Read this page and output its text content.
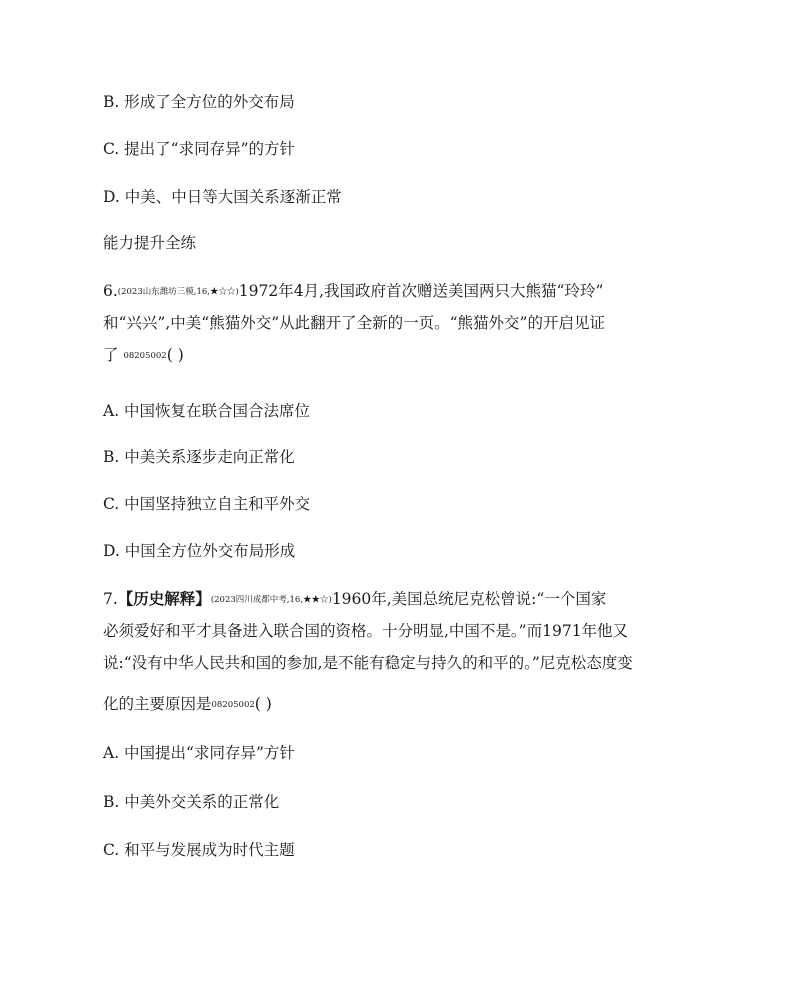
B. 形成了全方位的外交布局
C. 提出了“求同存异”的方针
D. 中美、中日等大国关系逐渐正常
能力提升全练
6.(2023山东潍坊三模,16,★☆☆)1972年4月,我国政府首次赠送美国两只大熊猫“玲玲”
和“兴兴”,中美“熊猫外交”从此翻开了全新的一页。“熊猫外交”的开启见证
了 08205002( )
A. 中国恢复在联合国合法席位
B. 中美关系逐步走向正常化
C. 中国坚持独立自主和平外交
D. 中国全方位外交布局形成
7.【历史解释】(2023四川成都中考,16,★★☆)1960年,美国总统尼克松曾说:“一个国家
必须爱好和平才具备进入联合国的资格。十分明显,中国不是。”而1971年他又
说:“没有中华人民共和国的参加,是不能有稳定与持久的和平的。”尼克松态度变
化的主要原因是08205002( )
A. 中国提出“求同存异”方针
B. 中美外交关系的正常化
C. 和平与发展成为时代主题
